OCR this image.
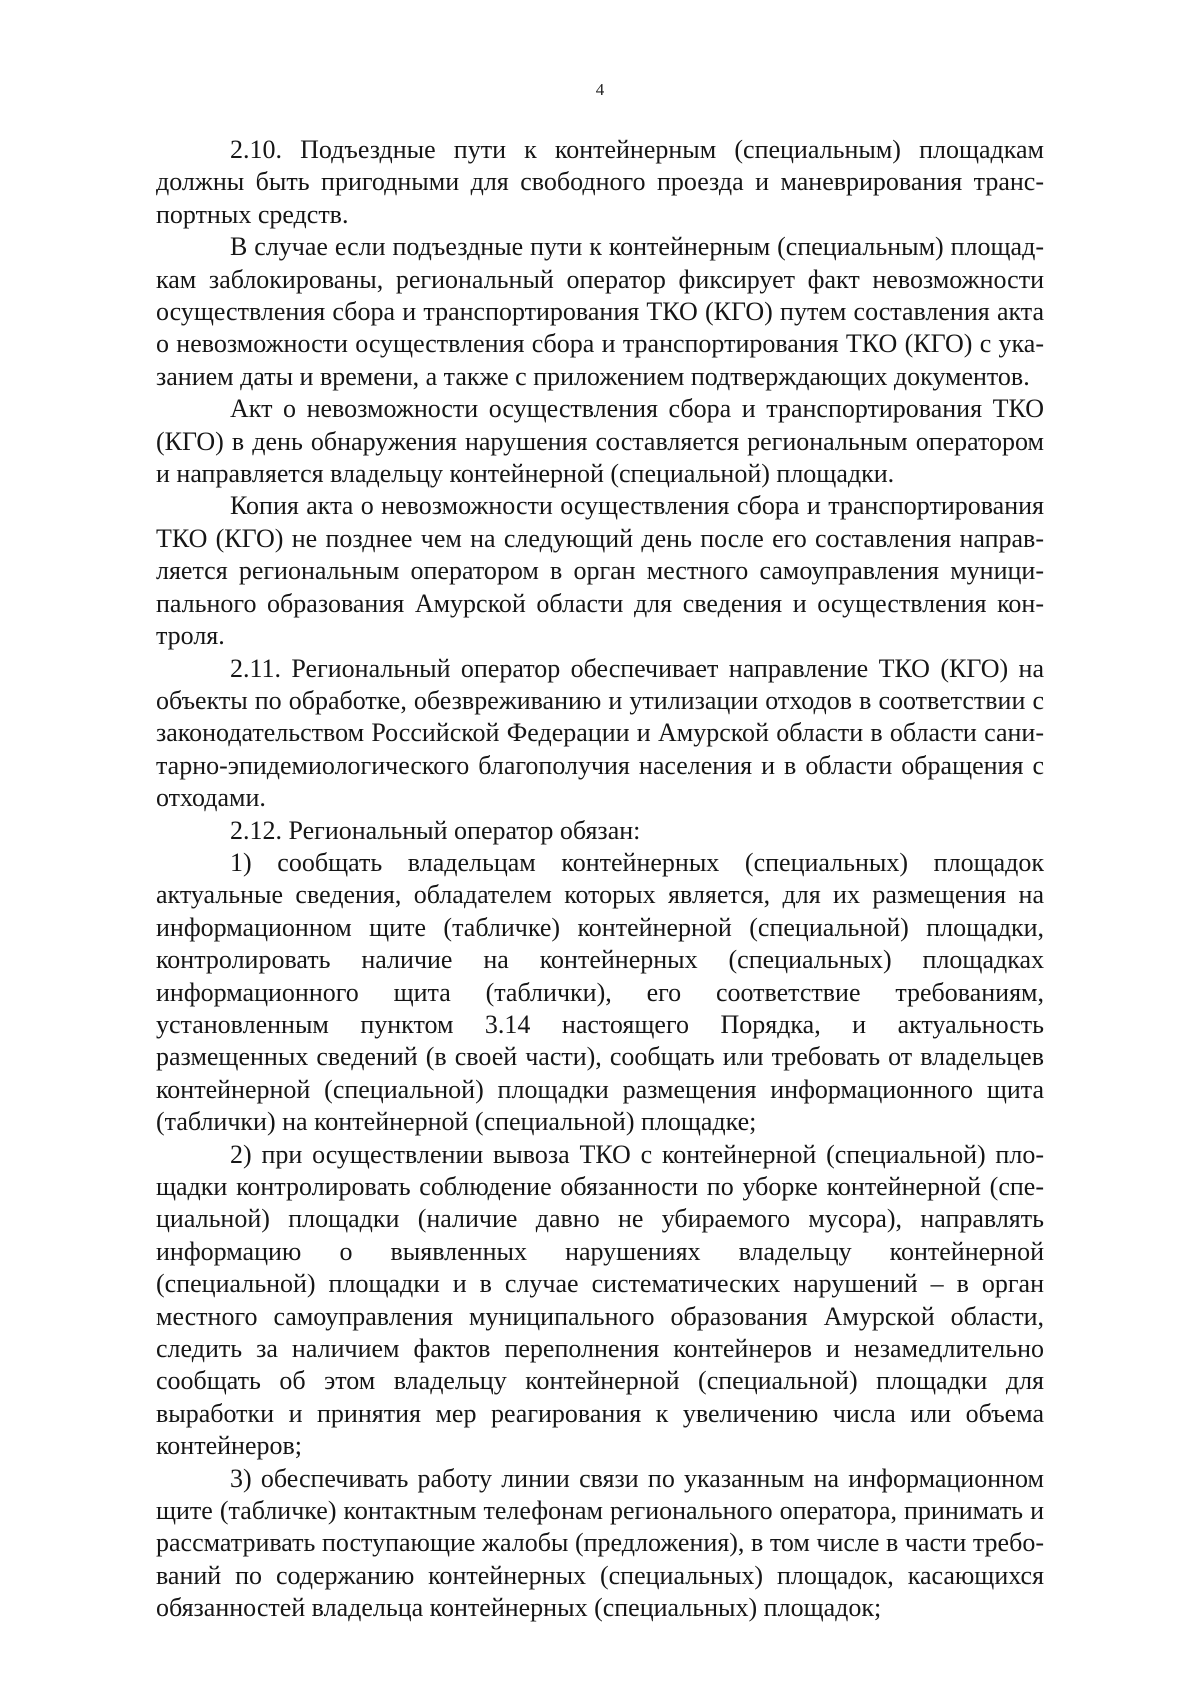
4

2.10. Подъездные пути к контейнерным (специальным) площадкам должны быть пригодными для свободного проезда и маневрирования транспортных средств.

В случае если подъездные пути к контейнерным (специальным) площадкам заблокированы, региональный оператор фиксирует факт невозможности осуществления сбора и транспортирования ТКО (КГО) путем составления акта о невозможности осуществления сбора и транспортирования ТКО (КГО) с указанием даты и времени, а также с приложением подтверждающих документов.

Акт о невозможности осуществления сбора и транспортирования ТКО (КГО) в день обнаружения нарушения составляется региональным оператором и направляется владельцу контейнерной (специальной) площадки.

Копия акта о невозможности осуществления сбора и транспортирования ТКО (КГО) не позднее чем на следующий день после его составления направляется региональным оператором в орган местного самоуправления муниципального образования Амурской области для сведения и осуществления контроля.

2.11. Региональный оператор обеспечивает направление ТКО (КГО) на объекты по обработке, обезвреживанию и утилизации отходов в соответствии с законодательством Российской Федерации и Амурской области в области санитарно-эпидемиологического благополучия населения и в области обращения с отходами.

2.12. Региональный оператор обязан:

1) сообщать владельцам контейнерных (специальных) площадок актуальные сведения, обладателем которых является, для их размещения на информационном щите (табличке) контейнерной (специальной) площадки, контролировать наличие на контейнерных (специальных) площадках информационного щита (таблички), его соответствие требованиям, установленным пунктом 3.14 настоящего Порядка, и актуальность размещенных сведений (в своей части), сообщать или требовать от владельцев контейнерной (специальной) площадки размещения информационного щита (таблички) на контейнерной (специальной) площадке;

2) при осуществлении вывоза ТКО с контейнерной (специальной) площадки контролировать соблюдение обязанности по уборке контейнерной (специальной) площадки (наличие давно не убираемого мусора), направлять информацию о выявленных нарушениях владельцу контейнерной (специальной) площадки и в случае систематических нарушений – в орган местного самоуправления муниципального образования Амурской области, следить за наличием фактов переполнения контейнеров и незамедлительно сообщать об этом владельцу контейнерной (специальной) площадки для выработки и принятия мер реагирования к увеличению числа или объема контейнеров;

3) обеспечивать работу линии связи по указанным на информационном щите (табличке) контактным телефонам регионального оператора, принимать и рассматривать поступающие жалобы (предложения), в том числе в части требований по содержанию контейнерных (специальных) площадок, касающихся обязанностей владельца контейнерных (специальных) площадок;
